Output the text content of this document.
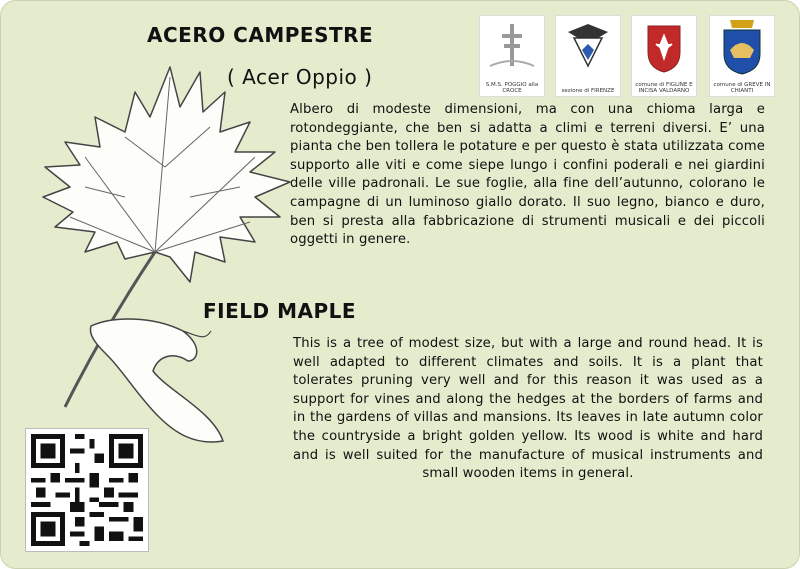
ACERO CAMPESTRE
( Acer Oppio )	S.M.S. POGGIO alla CROCE	sezione di FIRENZE
comune di FIGLINE E INCISA VALDARNO
comune di GREVE IN CHIANTI
Albero di modeste dimensioni, ma con una chioma larga e rotondeggiante, che ben si adatta a climi e terreni diversi. E’ una pianta che ben tollera le potature e per questo è stata utilizzata come supporto alle viti e come siepe lungo i confini poderali e nei giardini delle ville padronali. Le sue foglie, alla fine dell’autunno, colorano le campagne di un luminoso giallo dorato. Il suo legno, bianco e duro, ben si presta alla fabbricazione di strumenti musicali e dei piccoli oggetti in genere.
FIELD MAPLE
This is a tree of modest size, but with a large and round head. It is well adapted to different climates and soils. It is a plant that tolerates pruning very well and for this reason it was used as a support for vines and along the hedges at the borders of farms and in the gardens of villas and mansions. Its leaves in late autumn color the countryside a bright golden yellow. Its wood is white and hard and is well suited for the manufacture of musical instruments and small wooden items in general.
